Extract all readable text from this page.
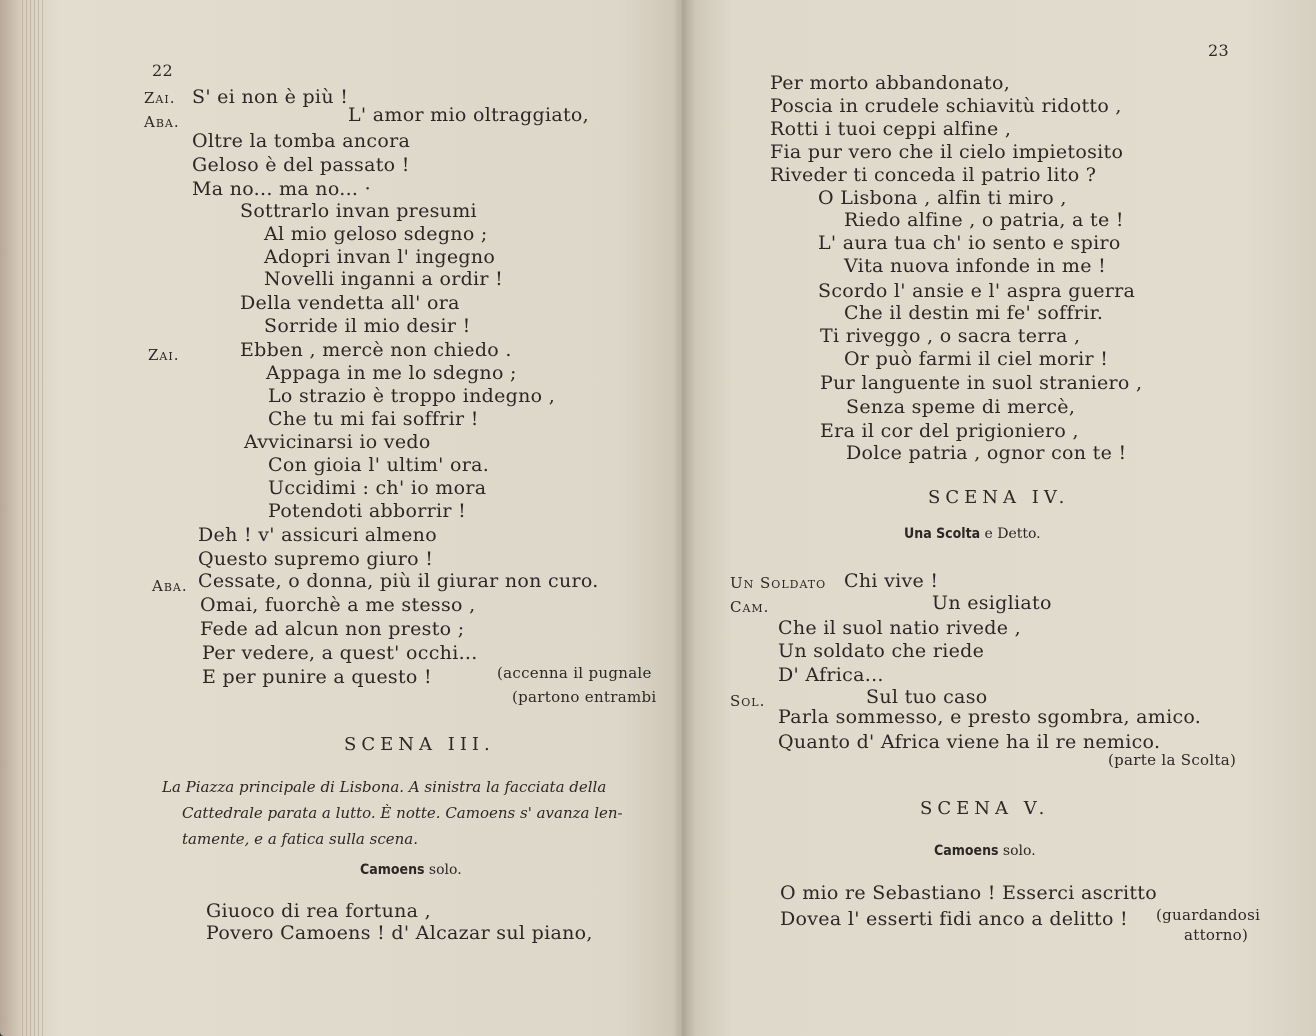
22
Zai. S' ei non è più !
Aba.	L' amor mio oltraggiato,
Oltre la tomba ancora
Geloso è del passato !
Ma no... ma no... ·
Sottrarlo invan presumi
Al mio geloso sdegno ;
Adopri invan l' ingegno
Novelli inganni a ordir !
Della vendetta all' ora
Sorride il mio desir !
Zai.	Ebben , mercè non chiedo .
Appaga in me lo sdegno ;
Lo strazio è troppo indegno ,
Che tu mi fai soffrir !
Avvicinarsi io vedo
Con gioia l' ultim' ora.
Uccidimi : ch' io mora
Potendoti abborrir !
Deh ! v' assicuri almeno
Questo supremo giuro !
Aba. Cessate, o donna, più il giurar non curo.
Omai, fuorchè a me stesso ,
Fede ad alcun non presto ;
Per vedere, a quest' occhi...
E per punire a questo !	(accenna il pugnale
(partono entrambi
SCENA III.
La Piazza principale di Lisbona. A sinistra la facciata della
Cattedrale parata a lutto. È notte. Camoens s' avanza len-
tamente, e a fatica sulla scena.
Camoens solo.
Giuoco di rea fortuna ,
Povero Camoens ! d' Alcazar sul piano,
23
Per morto abbandonato,
Poscia in crudele schiavitù ridotto ,
Rotti i tuoi ceppi alfine ,
Fia pur vero che il cielo impietosito
Riveder ti conceda il patrio lito ?
O Lisbona , alfin ti miro ,
Riedo alfine , o patria, a te !
L' aura tua ch' io sento e spiro
Vita nuova infonde in me !
Scordo l' ansie e l' aspra guerra
Che il destin mi fe' soffrir.
Ti riveggo , o sacra terra ,
Or può farmi il ciel morir !
Pur languente in suol straniero ,
Senza speme di mercè,
Era il cor del prigioniero ,
Dolce patria , ognor con te !
SCENA IV.
Una Scolta e Detto.
Un Soldato Chi vive !
Cam.	Un esigliato
Che il suol natio rivede ,
Un soldato che riede
D' Africa...
Sol.	Sul tuo caso
Parla sommesso, e presto sgombra, amico.
Quanto d' Africa viene ha il re nemico.
(parte la Scolta)
SCENA V.
Camoens solo.
O mio re Sebastiano ! Esserci ascritto
Dovea l' esserti fidi anco a delitto ! (guardandosi
attorno)
